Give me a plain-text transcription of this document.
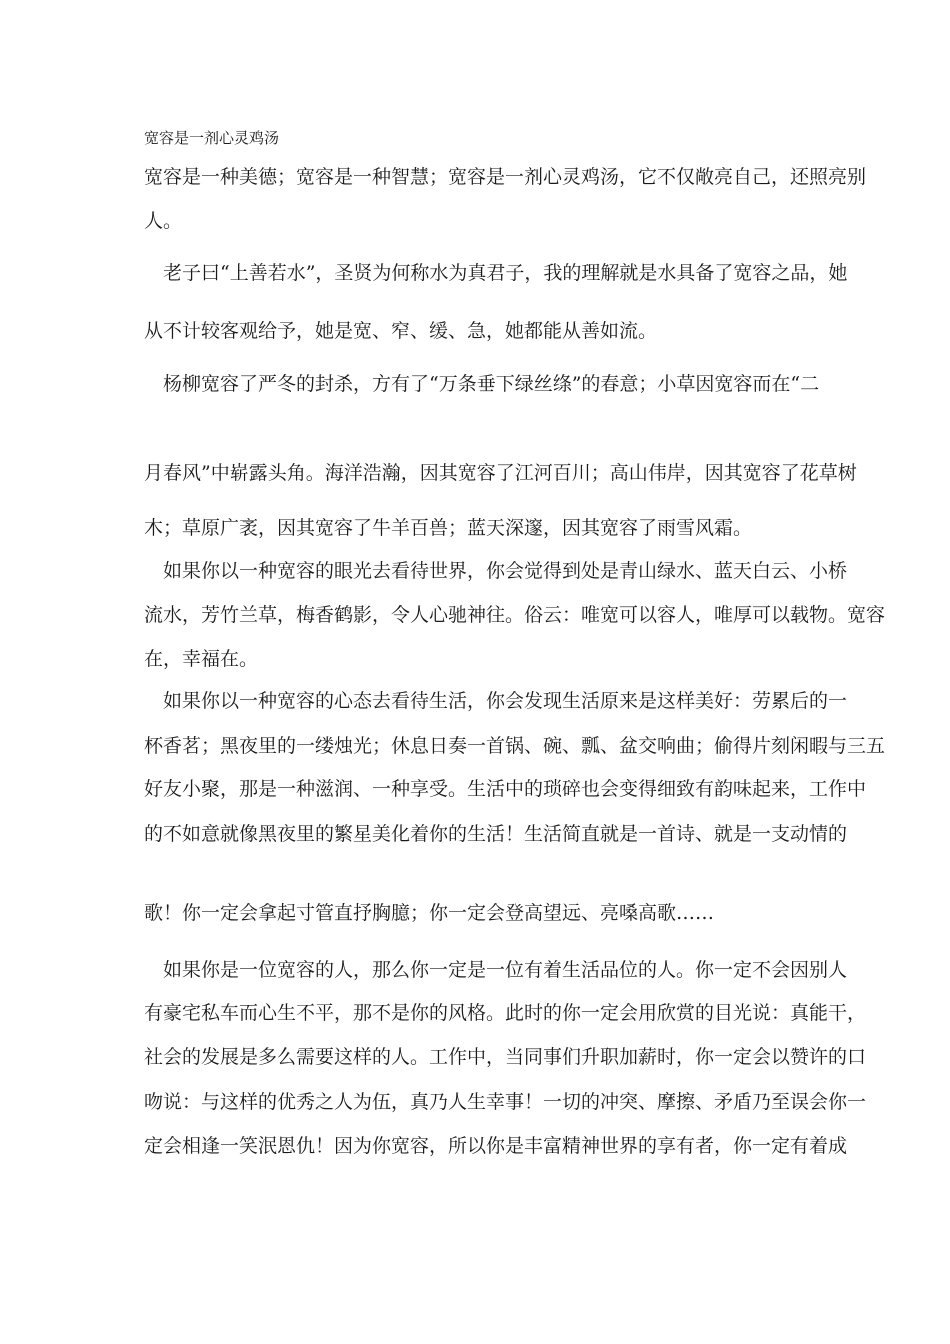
宽容是一剂心灵鸡汤
宽容是一种美德；宽容是一种智慧；宽容是一剂心灵鸡汤，它不仅敞亮自己，还照亮别
人。
　老子曰“上善若水”，圣贤为何称水为真君子，我的理解就是水具备了宽容之品，她
从不计较客观给予，她是宽、窄、缓、急，她都能从善如流。
　杨柳宽容了严冬的封杀，方有了“万条垂下绿丝绦”的春意；小草因宽容而在“二
月春风”中崭露头角。海洋浩瀚，因其宽容了江河百川；高山伟岸，因其宽容了花草树
木；草原广袤，因其宽容了牛羊百兽；蓝天深邃，因其宽容了雨雪风霜。
　如果你以一种宽容的眼光去看待世界，你会觉得到处是青山绿水、蓝天白云、小桥
流水，芳竹兰草，梅香鹤影，令人心驰神往。俗云：唯宽可以容人，唯厚可以载物。宽容
在，幸福在。
　如果你以一种宽容的心态去看待生活，你会发现生活原来是这样美好：劳累后的一
杯香茗；黑夜里的一缕烛光；休息日奏一首锅、碗、瓢、盆交响曲；偷得片刻闲暇与三五
好友小聚，那是一种滋润、一种享受。生活中的琐碎也会变得细致有韵味起来，工作中
的不如意就像黑夜里的繁星美化着你的生活！生活简直就是一首诗、就是一支动情的
歌！你一定会拿起寸管直抒胸臆；你一定会登高望远、亮嗓高歌……
　如果你是一位宽容的人，那么你一定是一位有着生活品位的人。你一定不会因别人
有豪宅私车而心生不平，那不是你的风格。此时的你一定会用欣赏的目光说：真能干，
社会的发展是多么需要这样的人。工作中，当同事们升职加薪时，你一定会以赞许的口
吻说：与这样的优秀之人为伍，真乃人生幸事！一切的冲突、摩擦、矛盾乃至误会你一
定会相逢一笑泯恩仇！因为你宽容，所以你是丰富精神世界的享有者，你一定有着成
